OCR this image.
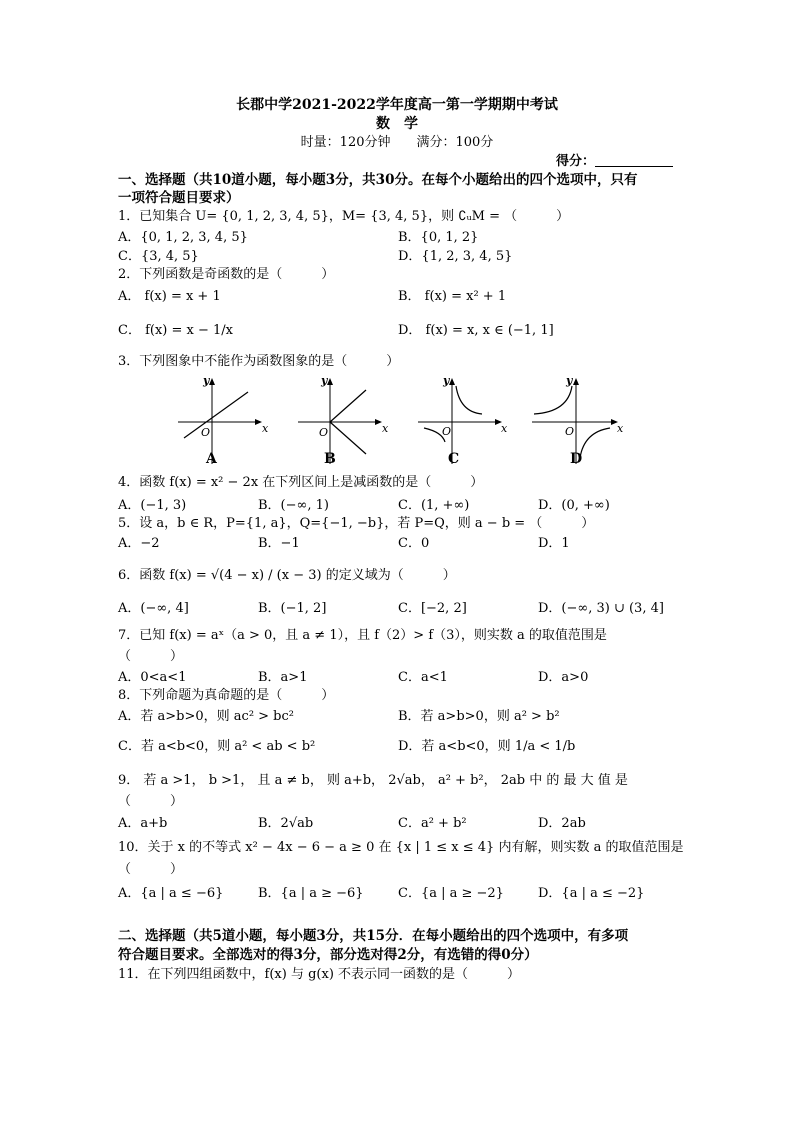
长郡中学2021-2022学年度高一第一学期期中考试
数　学
时量：120分钟　　满分：100分
得分：
一、选择题（共10道小题，每小题3分，共30分。在每个小题给出的四个选项中，只有
一项符合题目要求）
1．已知集合 U= {0, 1, 2, 3, 4, 5}，M= {3, 4, 5}，则 ∁ᵤM = （　　　）
A．{0, 1, 2, 3, 4, 5}	B．{0, 1, 2}
C．{3, 4, 5}	D．{1, 2, 3, 4, 5}
2．下列函数是奇函数的是（　　　）
A． f(x) = x + 1	B． f(x) = x² + 1
C． f(x) = x − 1/x	D． f(x) = x, x ∈ (−1, 1]
3．下列图象中不能作为函数图象的是（　　　）
y
x
O
A
y
x
O
B
y
x
O
C
y
x
O
D
4．函数 f(x) = x² − 2x 在下列区间上是减函数的是（　　　）
A．(−1, 3)	B．(−∞, 1)	C．(1, +∞)	D．(0, +∞)
5．设 a，b ∈ R，P={1, a}，Q={−1, −b}，若 P=Q，则 a − b = （　　　）
A．−2	B．−1	C．0	D．1
6．函数 f(x) = √(4 − x) / (x − 3) 的定义域为（　　　）
A．(−∞, 4]	B．(−1, 2]	C．[−2, 2]	D．(−∞, 3) ∪ (3, 4]
7．已知 f(x) = aˣ（a > 0，且 a ≠ 1），且 f（2）> f（3），则实数 a 的取值范围是
（　　　）
A．0<a<1	B．a>1	C．a<1	D．a>0
8．下列命题为真命题的是（　　　）
A．若 a>b>0，则 ac² > bc²	B．若 a>b>0，则 a² > b²
C．若 a<b<0，则 a² < ab < b²	D．若 a<b<0，则 1/a < 1/b
9． 若 a >1， b >1， 且 a ≠ b， 则 a+b， 2√ab， a² + b²， 2ab 中 的 最 大 值 是
（　　　）
A．a+b	B．2√ab	C．a² + b²	D．2ab
10．关于 x 的不等式 x² − 4x − 6 − a ≥ 0 在 {x | 1 ≤ x ≤ 4} 内有解，则实数 a 的取值范围是
（　　　）
A．{a | a ≤ −6}	B．{a | a ≥ −6}	C．{a | a ≥ −2}	D．{a | a ≤ −2}
二、选择题（共5道小题，每小题3分，共15分．在每小题给出的四个选项中，有多项
符合题目要求。全部选对的得3分，部分选对得2分，有选错的得0分）
11．在下列四组函数中，f(x) 与 g(x) 不表示同一函数的是（　　　）
